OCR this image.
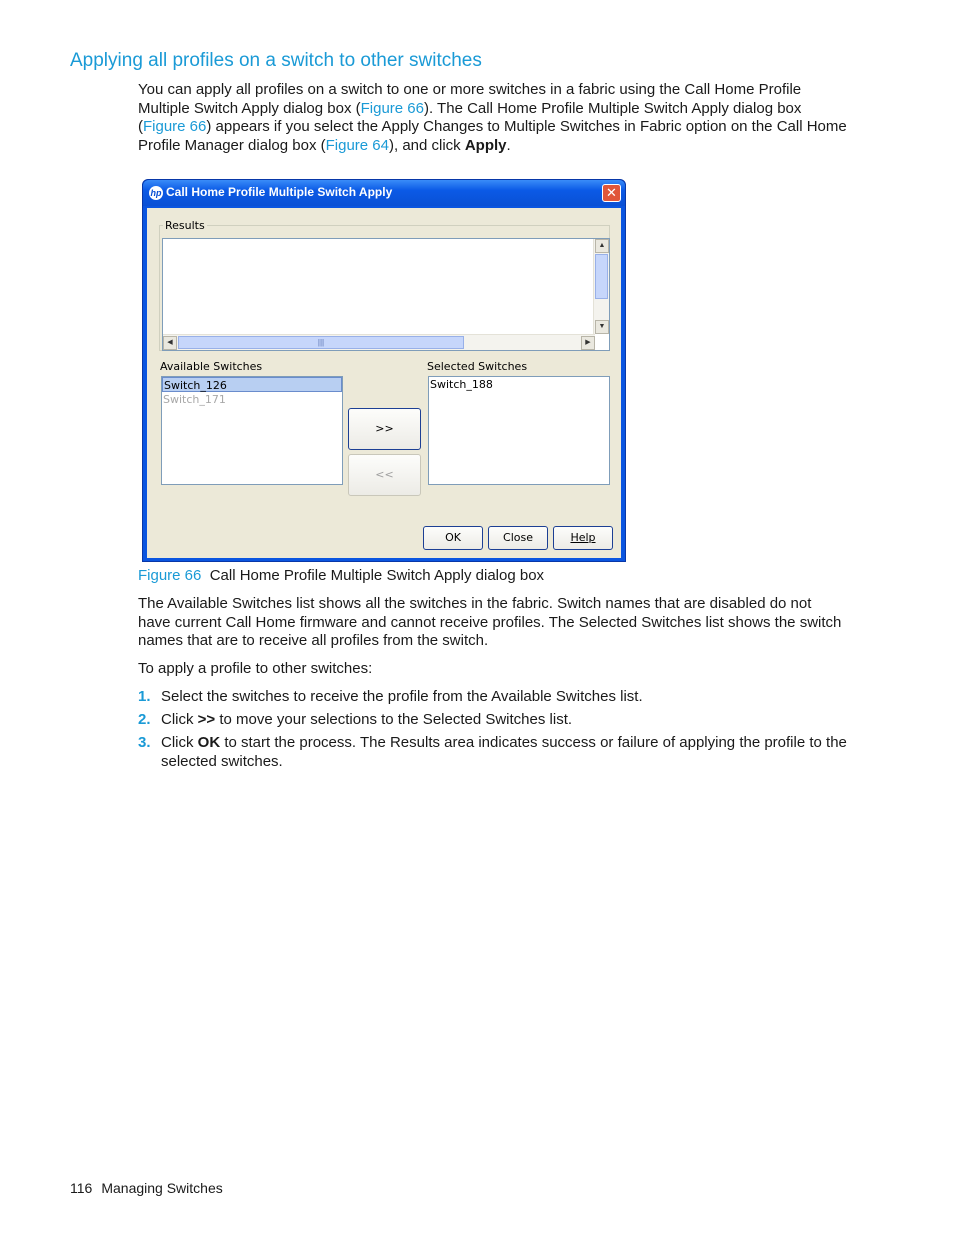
Applying all profiles on a switch to other switches

You can apply all profiles on a switch to one or more switches in a fabric using the Call Home Profile Multiple Switch Apply dialog box (Figure 66). The Call Home Profile Multiple Switch Apply dialog box (Figure 66) appears if you select the Apply Changes to Multiple Switches in Fabric option on the Call Home Profile Manager dialog box (Figure 64), and click Apply.

hp Call Home Profile Multiple Switch Apply	✕
Results
▲
▼
◀	|||	▶
Available Switches	Selected Switches
Switch_126
Switch_171
>>
<<
Switch_188
OK	Close	Help

Figure 66 Call Home Profile Multiple Switch Apply dialog box

The Available Switches list shows all the switches in the fabric. Switch names that are disabled do not have current Call Home firmware and cannot receive profiles. The Selected Switches list shows the switch names that are to receive all profiles from the switch.

To apply a profile to other switches:

1. Select the switches to receive the profile from the Available Switches list.
2. Click >> to move your selections to the Selected Switches list.
3. Click OK to start the process. The Results area indicates success or failure of applying the profile to the selected switches.
116 Managing Switches
